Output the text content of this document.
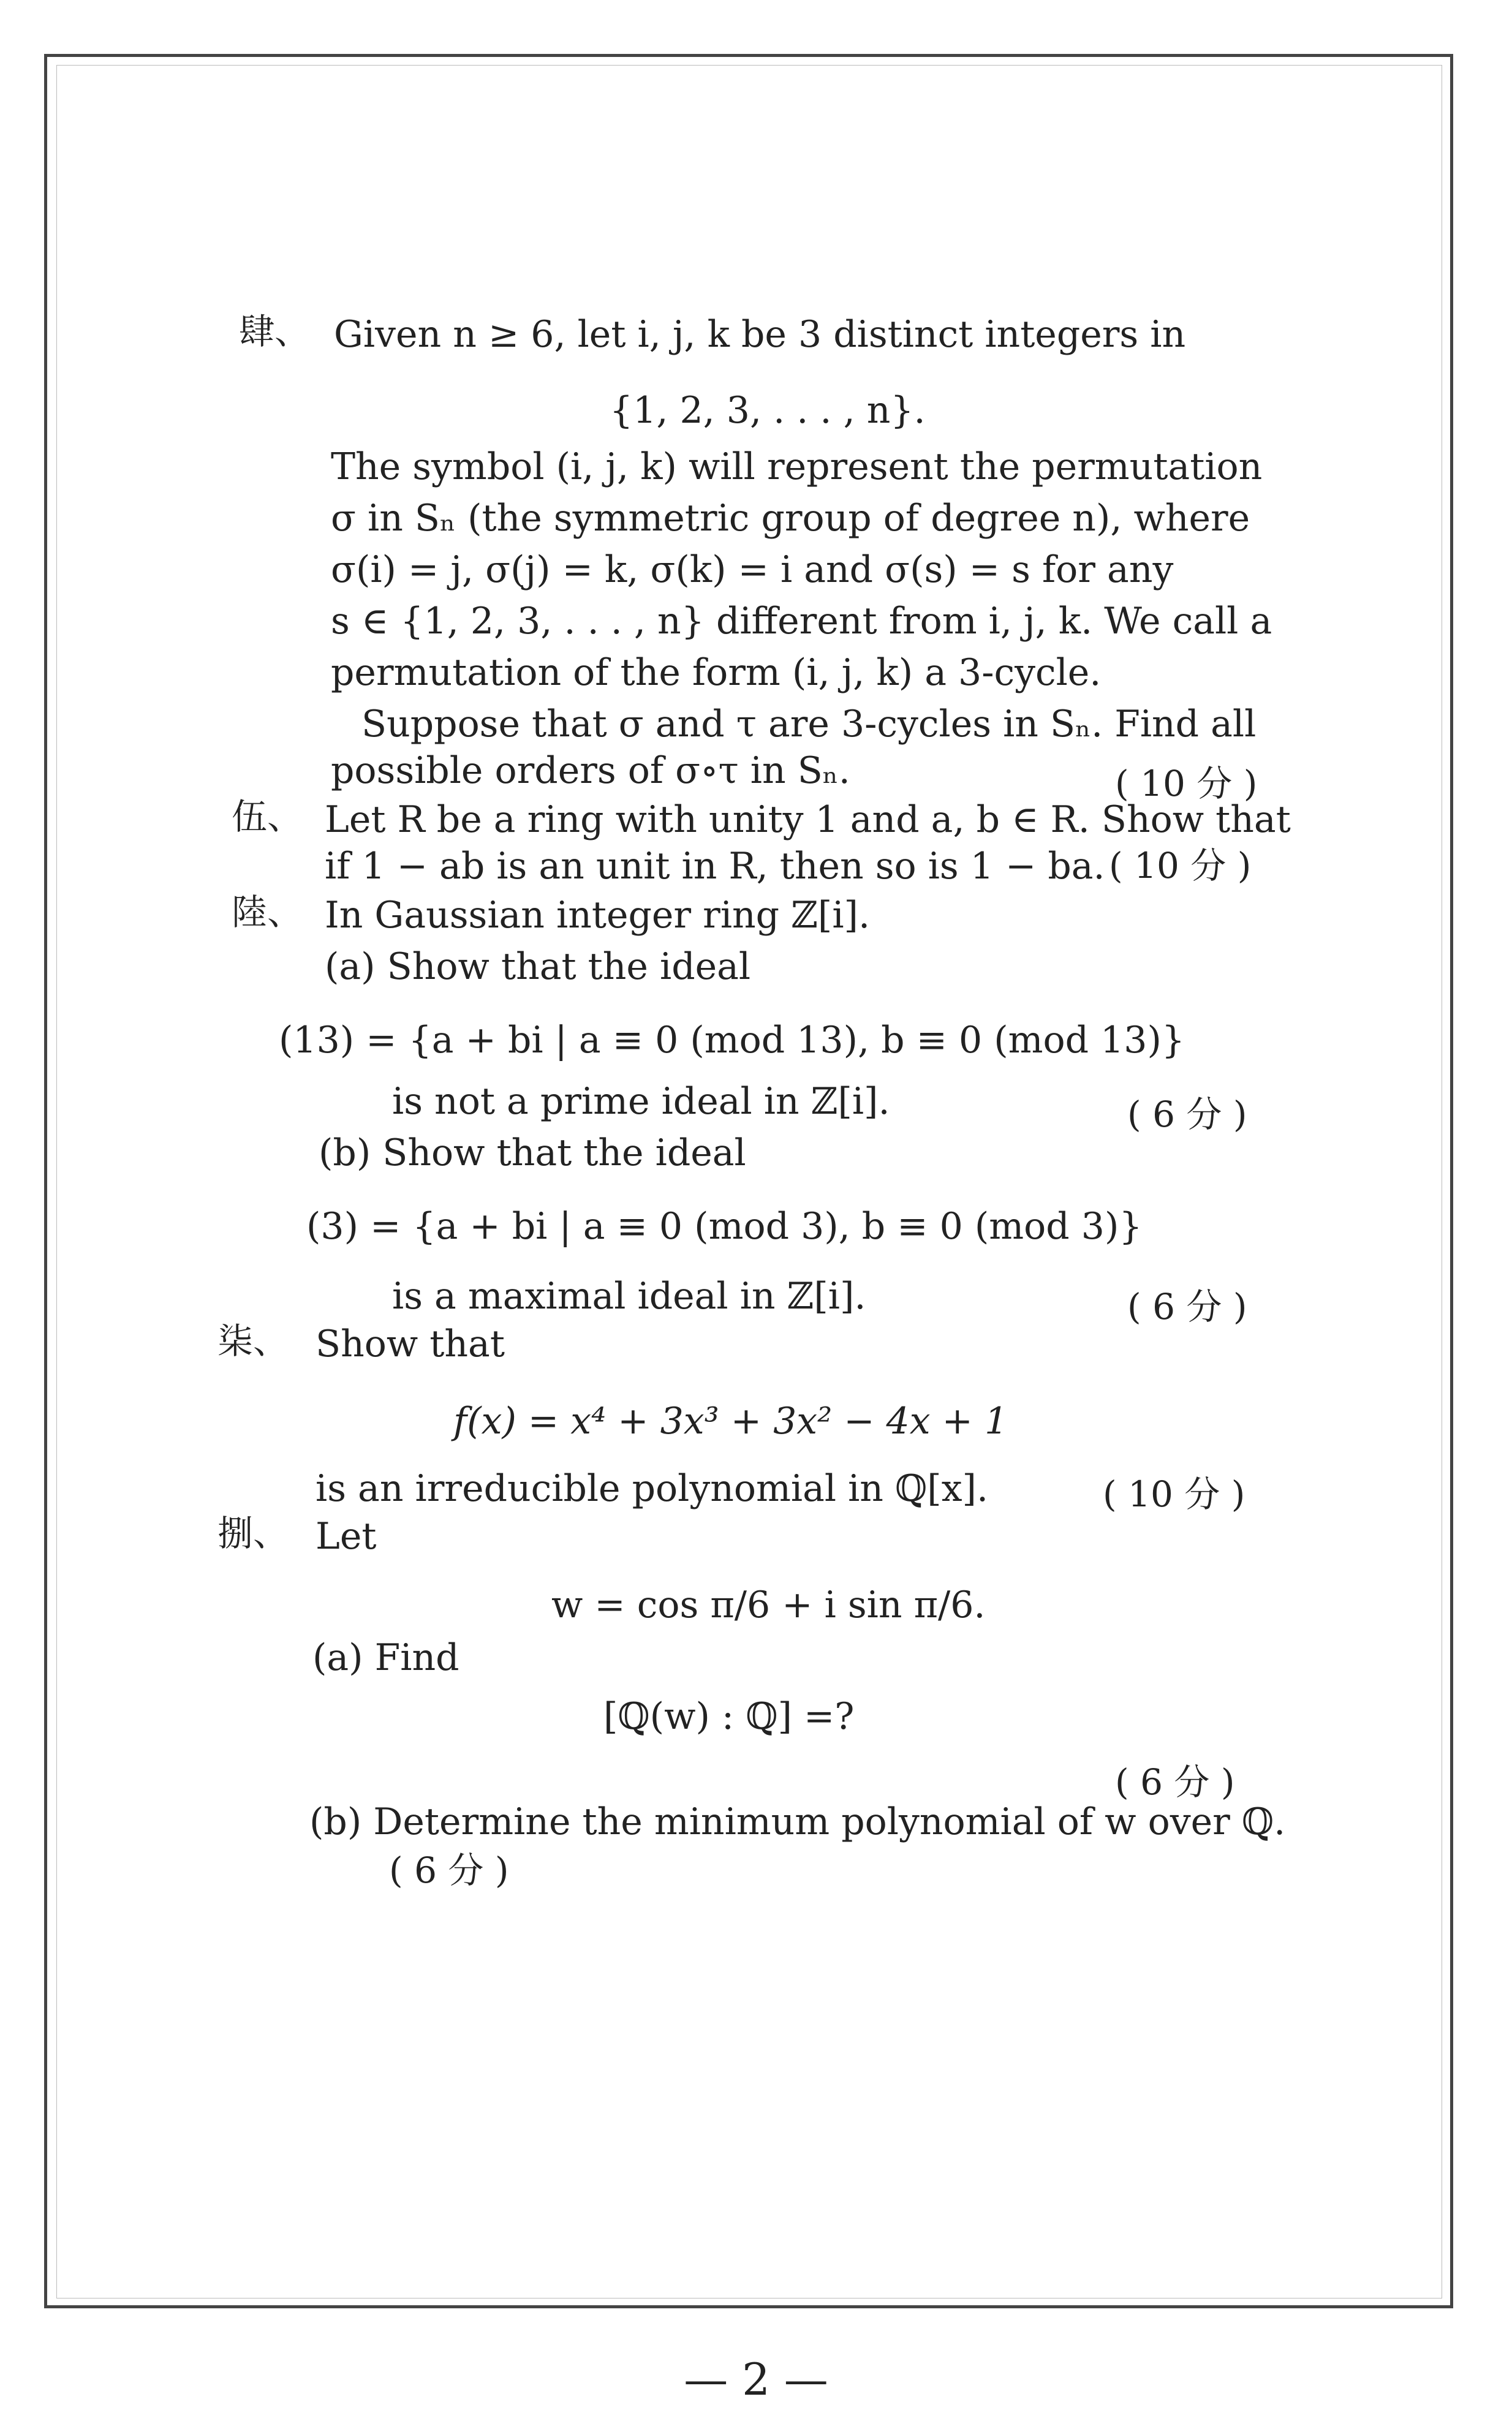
肆、 Given n ≥ 6, let i, j, k be 3 distinct integers in
{1, 2, 3, . . . , n}.
The symbol (i, j, k) will represent the permutation
σ in Sₙ (the symmetric group of degree n), where
σ(i) = j, σ(j) = k, σ(k) = i and σ(s) = s for any
s ∈ {1, 2, 3, . . . , n} different from i, j, k. We call a
permutation of the form (i, j, k) a 3-cycle.
Suppose that σ and τ are 3-cycles in Sₙ. Find all
possible orders of σ∘τ in Sₙ.	( 10 分 )
伍、 Let R be a ring with unity 1 and a, b ∈ R. Show that
if 1 − ab is an unit in R, then so is 1 − ba. ( 10 分 )
陸、 In Gaussian integer ring ℤ[i].
(a) Show that the ideal
(13) = {a + bi | a ≡ 0 (mod 13), b ≡ 0 (mod 13)}
is not a prime ideal in ℤ[i].	( 6 分 )
(b) Show that the ideal
(3) = {a + bi | a ≡ 0 (mod 3), b ≡ 0 (mod 3)}
is a maximal ideal in ℤ[i].	( 6 分 )
柒、 Show that
f(x) = x⁴ + 3x³ + 3x² − 4x + 1
is an irreducible polynomial in ℚ[x].	( 10 分 )
捌、 Let
w = cos π/6 + i sin π/6.
(a) Find
[ℚ(w) : ℚ] =?
( 6 分 )
(b) Determine the minimum polynomial of w over ℚ.
( 6 分 )
— 2 —
